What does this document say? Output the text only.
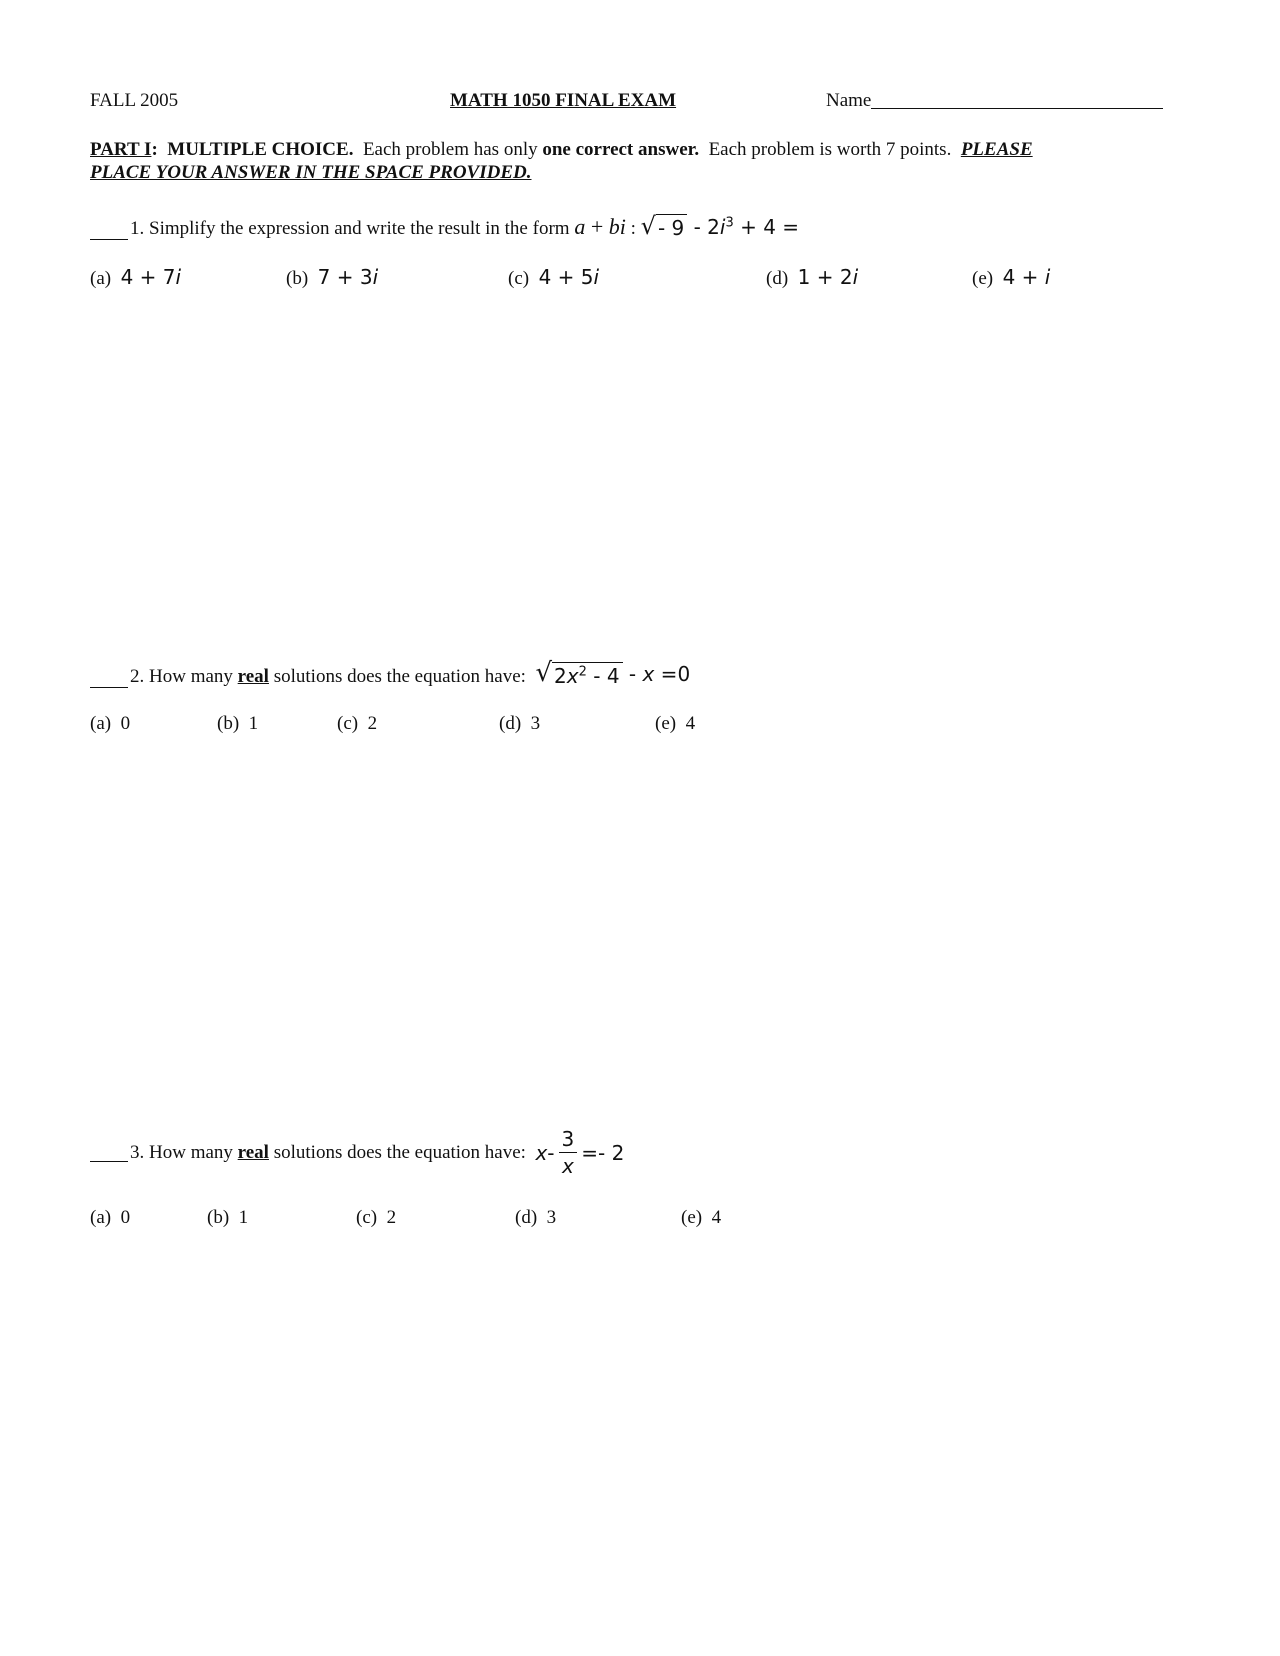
FALL 2005	MATH 1050 FINAL EXAM	Name
PART I: MULTIPLE CHOICE. Each problem has only one correct answer. Each problem is worth 7 points. PLEASE
PLACE YOUR ANSWER IN THE SPACE PROVIDED.
1.
Simplify the expression and write the result in the form
a + bi :
√ - $9 - 2i^3 + 4$ =
(a) 4 + 7i	(b) 7 + 3i	(c) 4 + 5i	(d) 1 + 2i	(e) 4 + i
2.
How many
real
solutions does the equation have:
√ $2x^2 - 4 - x =0$
(a) 0	(b) 1	(c) 2	(d) 3	(e) 4
3.
How many
real
solutions does the equation have:
$x - \frac{3}{x} =- 2$
(a) 0	(b) 1	(c) 2	(d) 3	(e) 4
